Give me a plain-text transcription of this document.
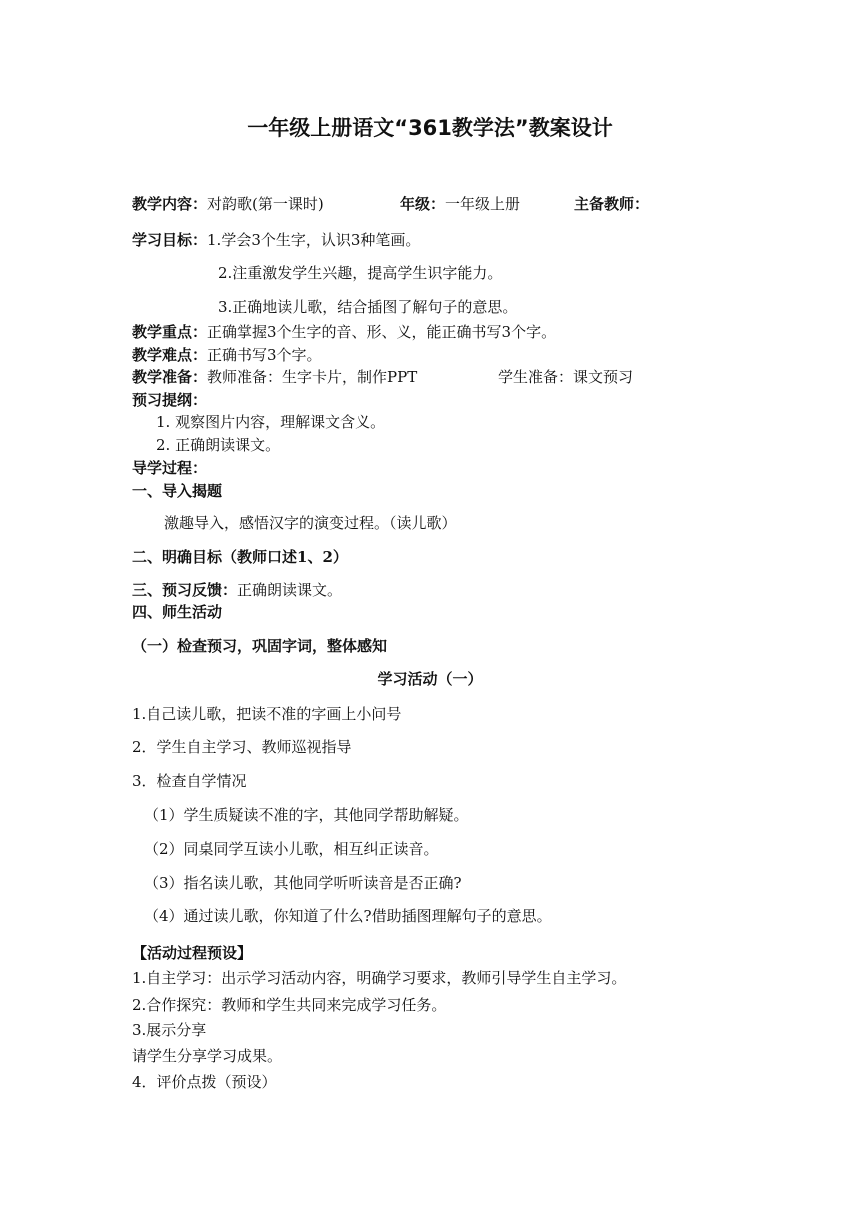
一年级上册语文“361教学法”教案设计
教学内容：对韵歌(第一课时)	年级：一年级上册	主备教师：
学习目标：1.学会3个生字，认识3种笔画。
2.注重激发学生兴趣，提高学生识字能力。
3.正确地读儿歌，结合插图了解句子的意思。
教学重点：正确掌握3个生字的音、形、义，能正确书写3个字。
教学难点：正确书写3个字。
教学准备：教师准备：生字卡片，制作PPT	学生准备：课文预习
预习提纲：
1. 观察图片内容，理解课文含义。
2. 正确朗读课文。
导学过程：
一、导入揭题
激趣导入，感悟汉字的演变过程。（读儿歌）
二、明确目标（教师口述1、2）
三、预习反馈：正确朗读课文。
四、师生活动
（一）检查预习，巩固字词，整体感知
学习活动（一）
1.自己读儿歌，把读不准的字画上小问号
2．学生自主学习、教师巡视指导
3．检查自学情况
（1）学生质疑读不准的字，其他同学帮助解疑。
（2）同桌同学互读小儿歌，相互纠正读音。
（3）指名读儿歌，其他同学听听读音是否正确?
（4）通过读儿歌，你知道了什么?借助插图理解句子的意思。
【活动过程预设】
1.自主学习：出示学习活动内容，明确学习要求，教师引导学生自主学习。
2.合作探究：教师和学生共同来完成学习任务。
3.展示分享
请学生分享学习成果。
4．评价点拨（预设）
